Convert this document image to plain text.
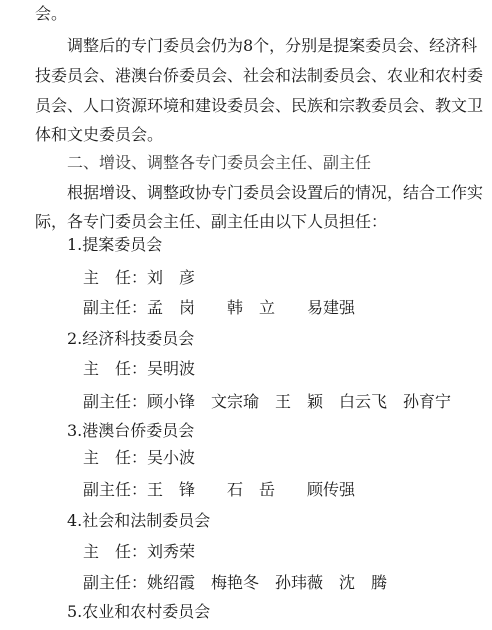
会。
调整后的专门委员会仍为8个，分别是提案委员会、经济科
技委员会、港澳台侨委员会、社会和法制委员会、农业和农村委
员会、人口资源环境和建设委员会、民族和宗教委员会、教文卫
体和文史委员会。
二、增设、调整各专门委员会主任、副主任
根据增设、调整政协专门委员会设置后的情况，结合工作实
际，各专门委员会主任、副主任由以下人员担任：
1.提案委员会
主　任：刘　彦
副主任：孟　岗　　韩　立　　易建强
2.经济科技委员会
主　任：吴明波
副主任：顾小锋　文宗瑜　王　颖　白云飞　孙育宁
3.港澳台侨委员会
主　任：吴小波
副主任：王　锋　　石　岳　　顾传强
4.社会和法制委员会
主　任：刘秀荣
副主任：姚绍霞　梅艳冬　孙玮薇　沈　腾
5.农业和农村委员会
